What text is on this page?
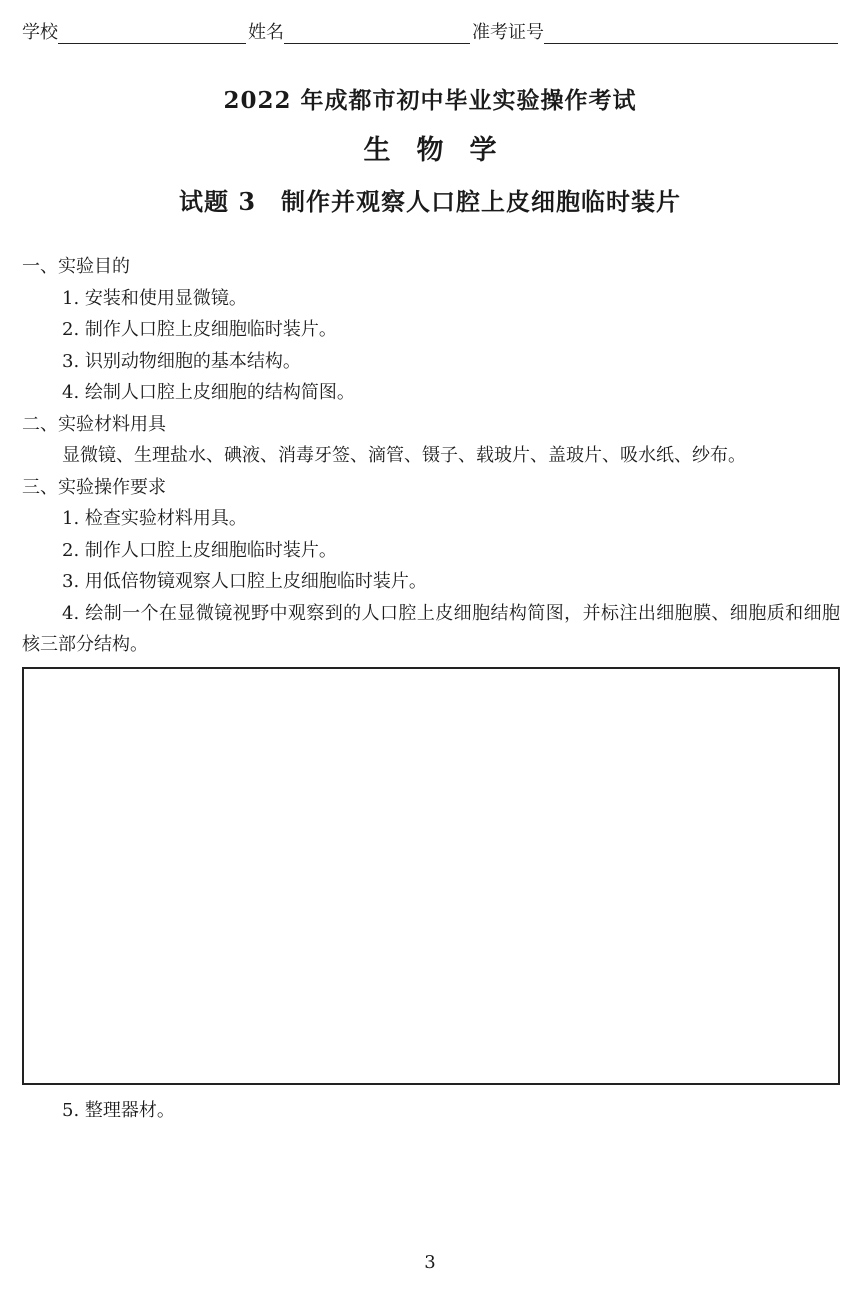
学校	姓名	准考证号
2022 年成都市初中毕业实验操作考试
生物学
试题 3　制作并观察人口腔上皮细胞临时装片

一、实验目的

1. 安装和使用显微镜。

2. 制作人口腔上皮细胞临时装片。

3. 识别动物细胞的基本结构。

4. 绘制人口腔上皮细胞的结构简图。

二、实验材料用具

显微镜、生理盐水、碘液、消毒牙签、滴管、镊子、载玻片、盖玻片、吸水纸、纱布。

三、实验操作要求

1. 检查实验材料用具。

2. 制作人口腔上皮细胞临时装片。

3. 用低倍物镜观察人口腔上皮细胞临时装片。

4. 绘制一个在显微镜视野中观察到的人口腔上皮细胞结构简图，并标注出细胞膜、细胞质和细胞核三部分结构。

5. 整理器材。
3
